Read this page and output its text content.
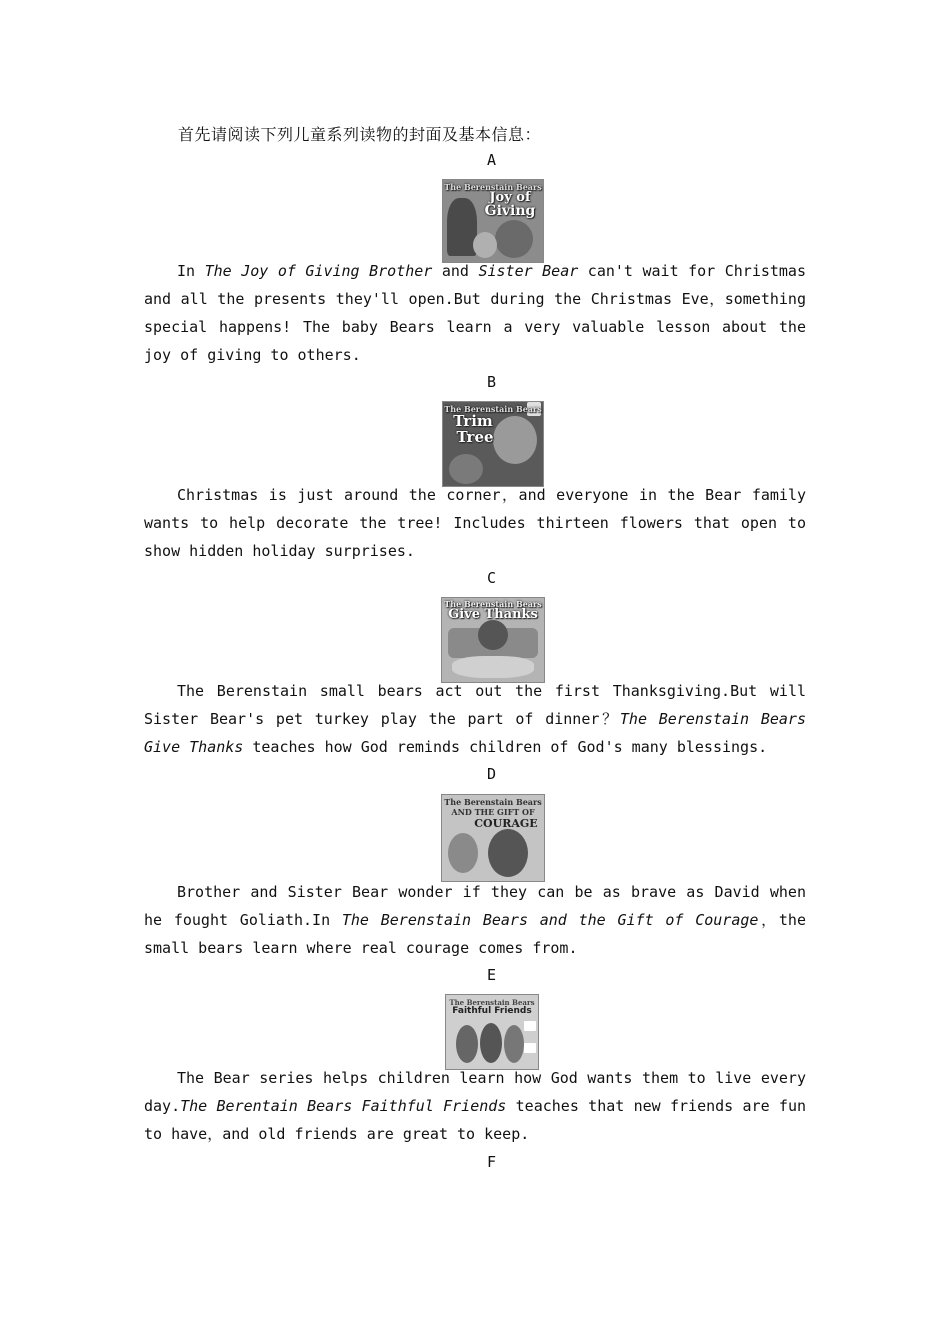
首先请阅读下列儿童系列读物的封面及基本信息：
A
The Berenstain Bears
Joy of
Giving
In The Joy of Giving Brother and Sister Bear can't wait for Christmas and all the presents they'll open.But during the Christmas Eve，something special happens! The baby Bears learn a very valuable lesson about the joy of giving to others.
B
The Berenstain Bears
Trim
Tree
Christmas is just around the corner，and everyone in the Bear family wants to help decorate the tree! Includes thirteen flowers that open to show hidden holiday surprises.
C
The Berenstain Bears
Give Thanks
The Berenstain small bears act out the first Thanksgiving.But will Sister Bear's pet turkey play the part of dinner？The Berenstain Bears Give Thanks teaches how God reminds children of God's many blessings.
D
The Berenstain Bears
AND THE GIFT OF
COURAGE
Brother and Sister Bear wonder if they can be as brave as David when he fought Goliath.In The Berenstain Bears and the Gift of Courage，the small bears learn where real courage comes from.
E
The Berenstain Bears
Faithful Friends
The Bear series helps children learn how God wants them to live every day.The Berentain Bears Faithful Friends teaches that new friends are fun to have，and old friends are great to keep.
F
